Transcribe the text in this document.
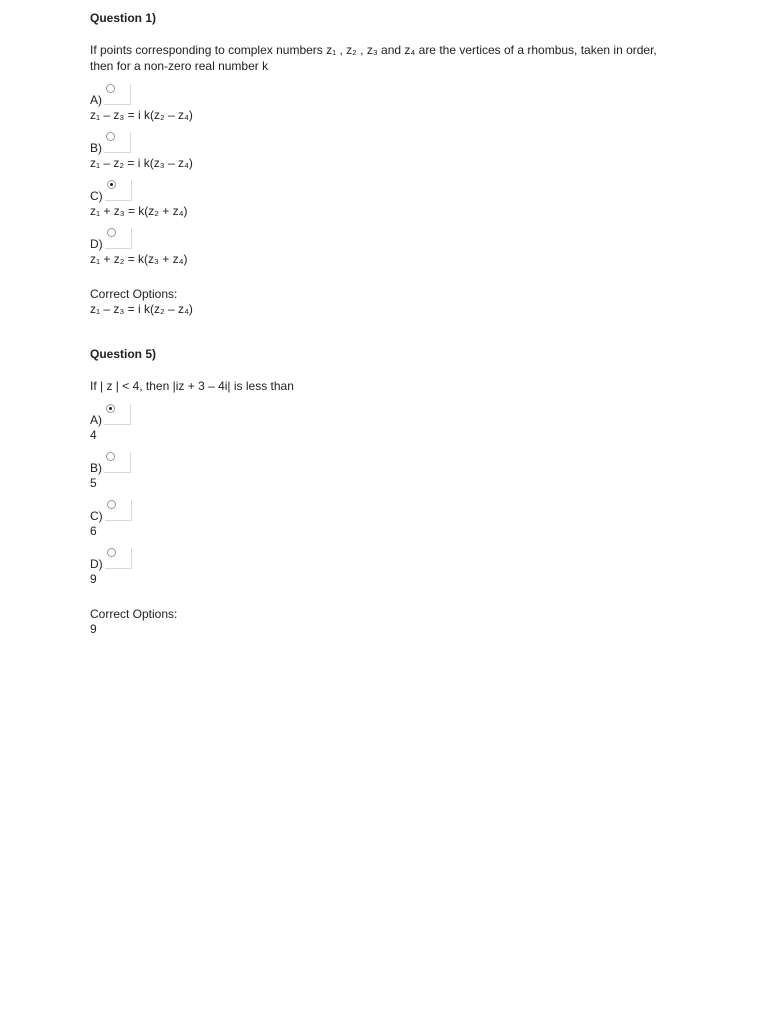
Question 1)
If points corresponding to complex numbers z₁ , z₂ , z₃ and z₄ are the vertices of a rhombus, taken in order, then for a non-zero real number k
A)
z₁ – z₃ = i k(z₂ – z₄)
B)
z₁ – z₂ = i k(z₃ – z₄)
C)
z₁ + z₃ = k(z₂ + z₄)
D)
z₁ + z₂ = k(z₃ + z₄)
Correct Options:
z₁ – z₃ = i k(z₂ – z₄)
Question 5)
If | z | < 4, then |iz + 3 – 4i| is less than
A)
4
B)
5
C)
6
D)
9
Correct Options:
9
